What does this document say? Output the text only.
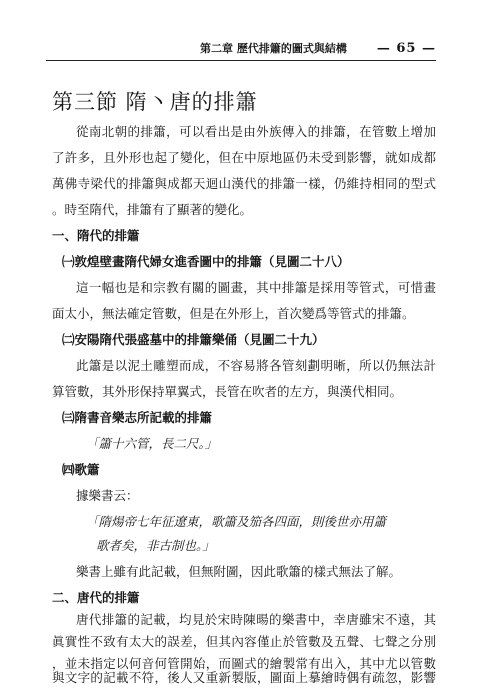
第二章 歷代排簫的圖式與結構 — 65 —
第三節 隋丶唐的排簫
從南北朝的排簫，可以看出是由外族傳入的排簫，在管數上增加
了許多，且外形也起了變化，但在中原地區仍未受到影響，就如成都
萬佛寺梁代的排簫與成都天迴山漢代的排簫一樣，仍維持相同的型式
。時至隋代，排簫有了顯著的變化。
一、隋代的排簫
㈠敦煌壁畫隋代婦女進香圖中的排簫（見圖二十八）
這一幅也是和宗教有關的圖畫，其中排簫是採用等管式，可惜畫
面太小，無法確定管數，但是在外形上，首次變爲等管式的排簫。
㈡安陽隋代張盛墓中的排簫樂俑（見圖二十九）
此簫是以泥土雕塑而成，不容易將各管刻劃明晰，所以仍無法計
算管數，其外形保持單翼式，長管在吹者的左方，與漢代相同。
㈢隋書音樂志所記載的排簫
「簫十六管，長二尺。」
㈣歌簫
據樂書云：
「隋煬帝七年征遼東，歌簫及笳各四面，則後世亦用簫
歌者矣，非古制也。」
樂書上雖有此記載，但無附圖，因此歌簫的樣式無法了解。
二、唐代的排簫
唐代排簫的記載，均見於宋時陳暘的樂書中，幸唐雖宋不遠，其
眞實性不致有太大的誤差，但其內容僅止於管數及五聲、七聲之分別
，並未指定以何音何管開始，而圖式的繪製常有出入，其中尤以管數
與文字的記載不符，後人又重新製版，圖面上摹繪時偶有疏忽，影響
